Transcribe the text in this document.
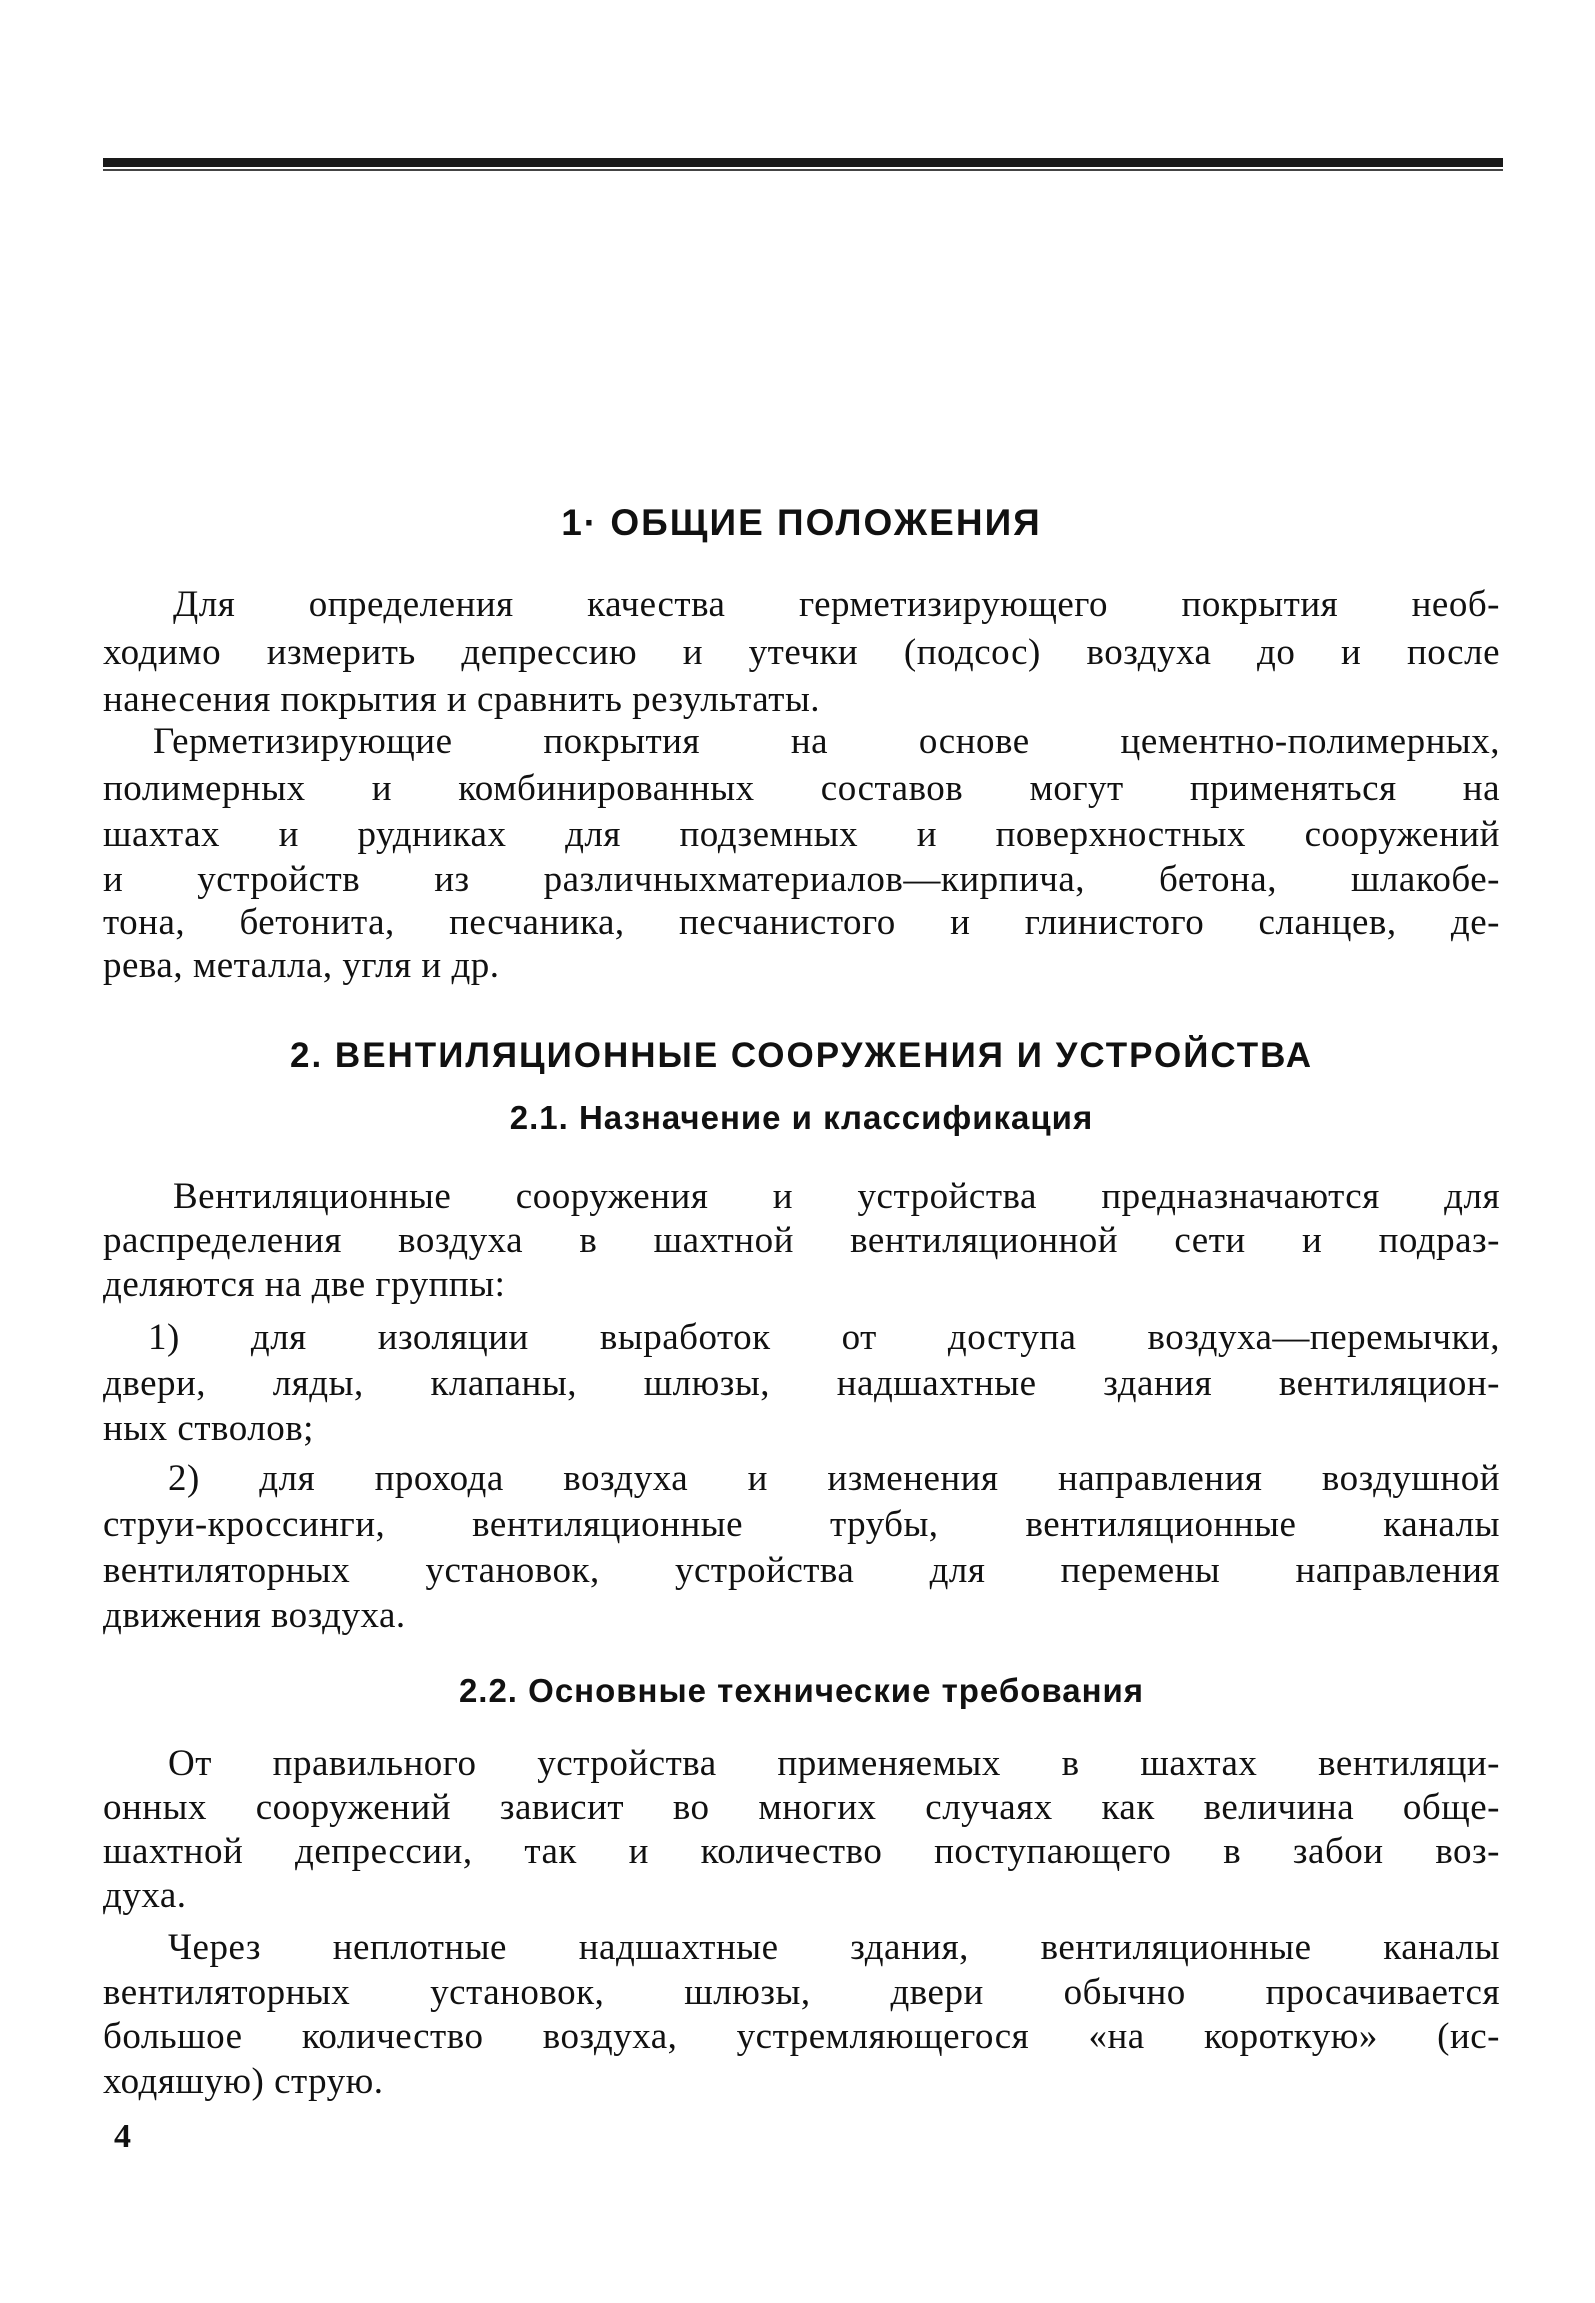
1· ОБЩИЕ ПОЛОЖЕНИЯ
2. ВЕНТИЛЯЦИОННЫЕ СООРУЖЕНИЯ И УСТРОЙСТВА
2.1. Назначение и классификация
2.2. Основные технические требования
Для определения качества герметизирующего покрытия необ-
ходимо измерить депрессию и утечки (подсос) воздуха до и после
нанесения покрытия и сравнить результаты.
Герметизирующие покрытия на основе цементно-полимерных,
полимерных и комбинированных составов могут применяться на
шахтах и рудниках для подземных и поверхностных сооружений
и устройств из различныхматериалов—кирпича, бетона, шлакобе-
тона, бетонита, песчаника, песчанистого и глинистого сланцев, де-
рева, металла, угля и др.
Вентиляционные сооружения и устройства предназначаются для
распределения воздуха в шахтной вентиляционной сети и подраз-
деляются на две группы:
1) для изоляции выработок от доступа воздуха—перемычки,
двери, ляды, клапаны, шлюзы, надшахтные здания вентиляцион-
ных стволов;
2) для прохода воздуха и изменения направления воздушной
струи-кроссинги, вентиляционные трубы, вентиляционные каналы
вентиляторных установок, устройства для перемены направления
движения воздуха.
От правильного устройства применяемых в шахтах вентиляци-
онных сооружений зависит во многих случаях как величина обще-
шахтной депрессии, так и количество поступающего в забои воз-
духа.
Через неплотные надшахтные здания, вентиляционные каналы
вентиляторных установок, шлюзы, двери обычно просачивается
большое количество воздуха, устремляющегося «на короткую» (ис-
ходяшую) струю.
4
